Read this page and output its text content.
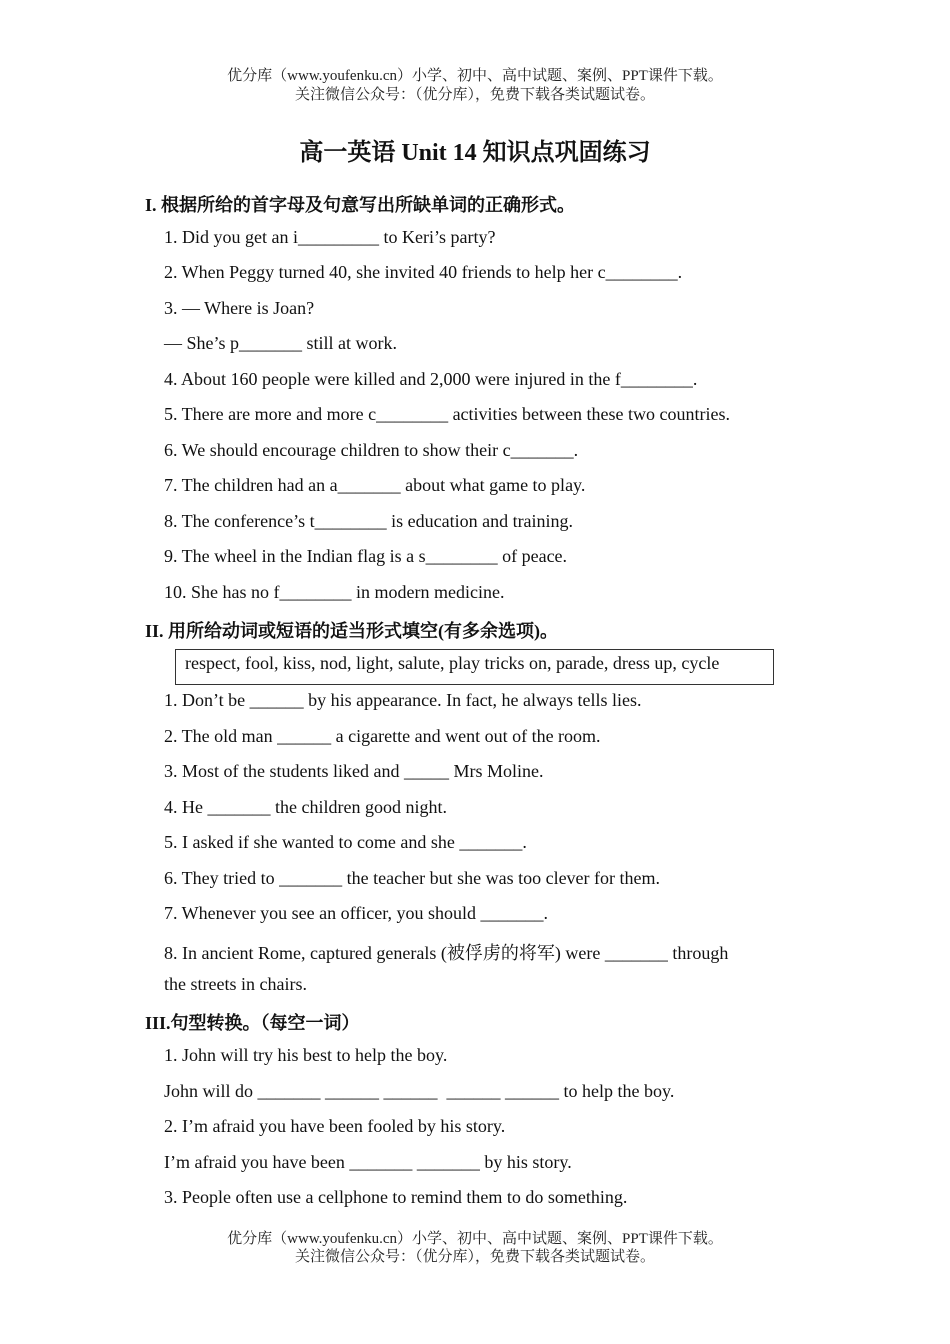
优分库（www.youfenku.cn）小学、初中、高中试题、案例、PPT课件下载。
关注微信公众号：（优分库），免费下载各类试题试卷。
高一英语 Unit 14 知识点巩固练习
I. 根据所给的首字母及句意写出所缺单词的正确形式。
1. Did you get an i_________ to Keri’s party?
2. When Peggy turned 40, she invited 40 friends to help her c________.
3. — Where is Joan?
— She’s p_______ still at work.
4. About 160 people were killed and 2,000 were injured in the f________.
5. There are more and more c________ activities between these two countries.
6. We should encourage children to show their c_______.
7. The children had an a_______ about what game to play.
8. The conference’s t________ is education and training.
9. The wheel in the Indian flag is a s________ of peace.
10. She has no f________ in modern medicine.
II. 用所给动词或短语的适当形式填空(有多余选项)。
respect, fool, kiss, nod, light, salute, play tricks on, parade, dress up, cycle
1. Don’t be ______ by his appearance. In fact, he always tells lies.
2. The old man ______ a cigarette and went out of the room.
3. Most of the students liked and _____ Mrs Moline.
4. He _______ the children good night.
5. I asked if she wanted to come and she _______.
6. They tried to _______ the teacher but she was too clever for them.
7. Whenever you see an officer, you should _______.
8. In ancient Rome, captured generals (被俘虏的将军) were _______ through
the streets in chairs.
III.句型转换。（每空一词）
1. John will try his best to help the boy.
John will do _______ ______ ______  ______ ______ to help the boy.
2. I’m afraid you have been fooled by his story.
I’m afraid you have been _______ _______ by his story.
3. People often use a cellphone to remind them to do something.
优分库（www.youfenku.cn）小学、初中、高中试题、案例、PPT课件下载。
关注微信公众号：（优分库），免费下载各类试题试卷。
